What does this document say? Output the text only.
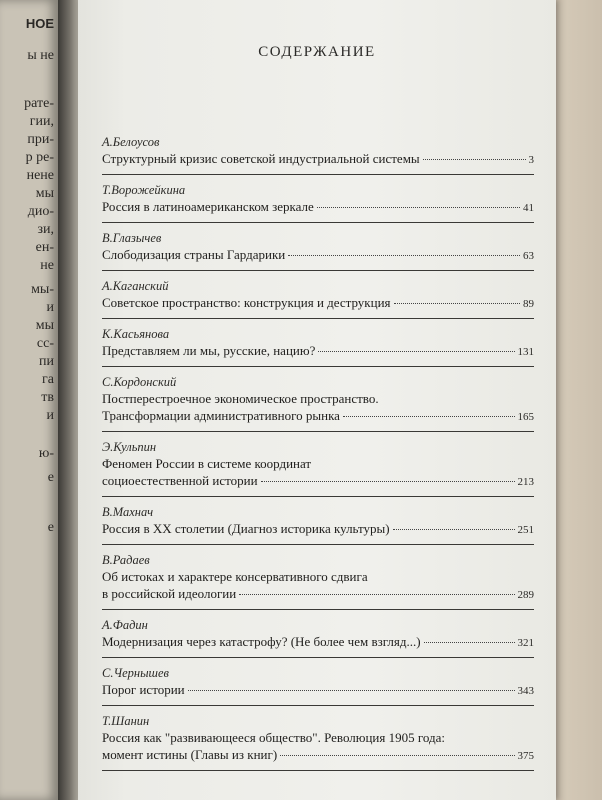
НОЕ
ы не
рате-
гии,
при-
р ре-
нене
мы
дио-
зи,
ен-
не
мы-
и
мы
сс-
пи
га
тв
и
ю-
е
е
СОДЕРЖАНИЕ
А.Белоусов
Структурный кризис советской индустриальной системы	3
Т.Ворожейкина
Россия в латиноамериканском зеркале	41
В.Глазычев
Слободизация страны Гардарики	63
А.Каганский
Советское пространство: конструкция и деструкция	89
К.Касьянова
Представляем ли мы, русские, нацию?	131
С.Кордонский
Постперестроечное экономическое пространство.
Трансформации административного рынка	165
Э.Кульпин
Феномен России в системе координат
социоестественной истории	213
В.Махнач
Россия в XX столетии (Диагноз историка культуры)	251
В.Радаев
Об истоках и характере консервативного сдвига
в российской идеологии	289
А.Фадин
Модернизация через катастрофу? (Не более чем взгляд...)	321
С.Чернышев
Порог истории	343
Т.Шанин
Россия как "развивающееся общество". Революция 1905 года:
момент истины (Главы из книг)	375
